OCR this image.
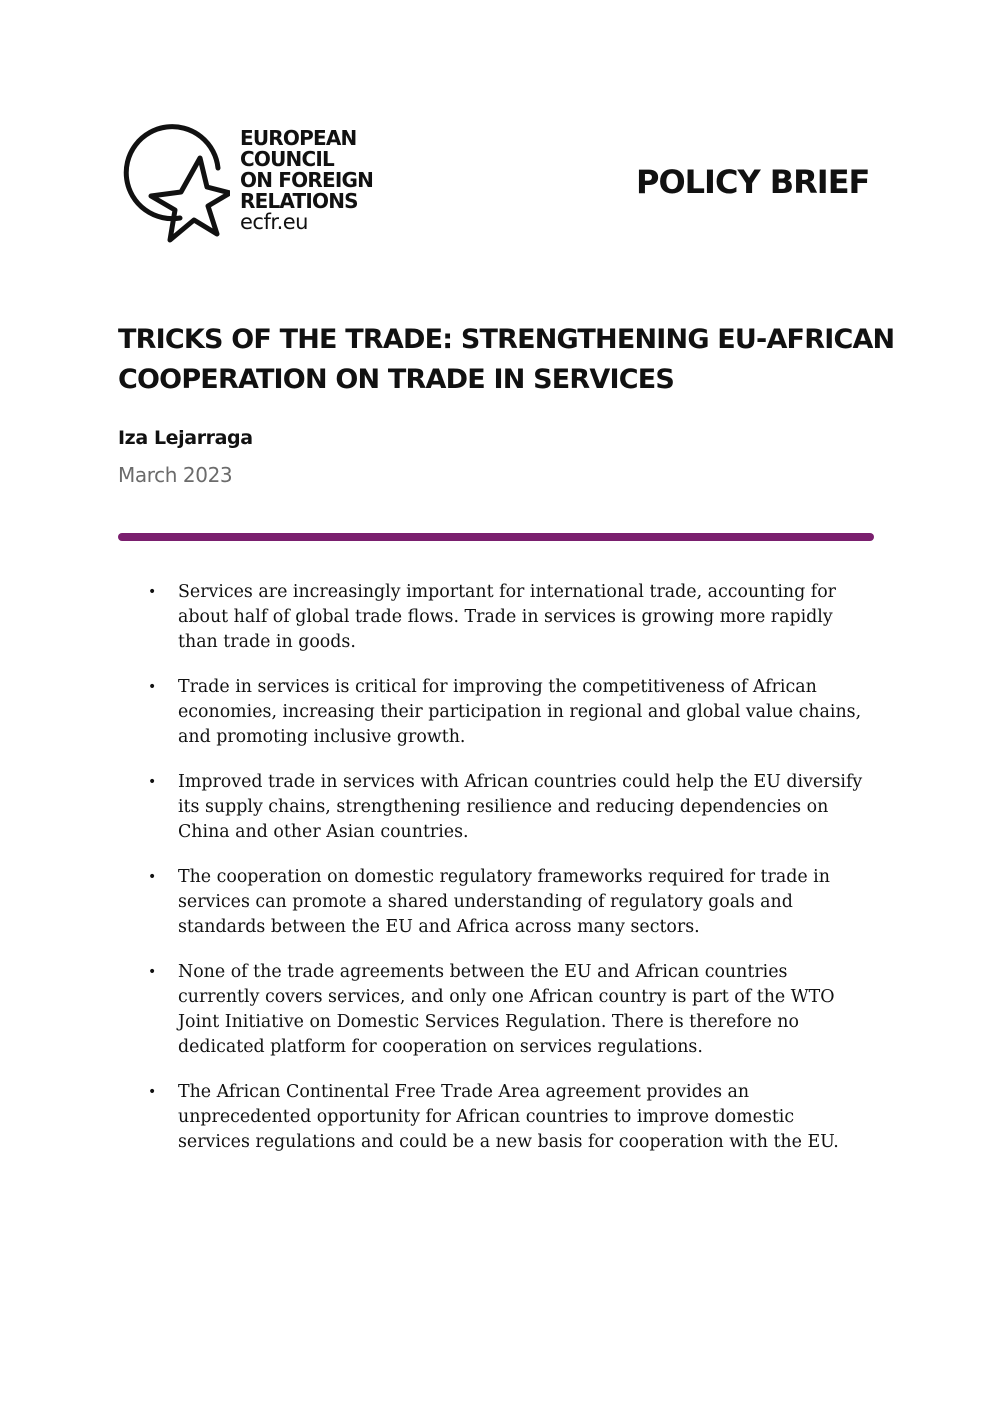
EUROPEAN
COUNCIL
ON FOREIGN
RELATIONS
ecfr.eu
POLICY BRIEF
TRICKS OF THE TRADE: STRENGTHENING EU-AFRICAN
COOPERATION ON TRADE IN SERVICES
Iza Lejarraga
March 2023
• Services are increasingly important for international trade, accounting for
about half of global trade flows. Trade in services is growing more rapidly
than trade in goods.
• Trade in services is critical for improving the competitiveness of African
economies, increasing their participation in regional and global value chains,
and promoting inclusive growth.
• Improved trade in services with African countries could help the EU diversify
its supply chains, strengthening resilience and reducing dependencies on
China and other Asian countries.
• The cooperation on domestic regulatory frameworks required for trade in
services can promote a shared understanding of regulatory goals and
standards between the EU and Africa across many sectors.
• None of the trade agreements between the EU and African countries
currently covers services, and only one African country is part of the WTO
Joint Initiative on Domestic Services Regulation. There is therefore no
dedicated platform for cooperation on services regulations.
• The African Continental Free Trade Area agreement provides an
unprecedented opportunity for African countries to improve domestic
services regulations and could be a new basis for cooperation with the EU.
